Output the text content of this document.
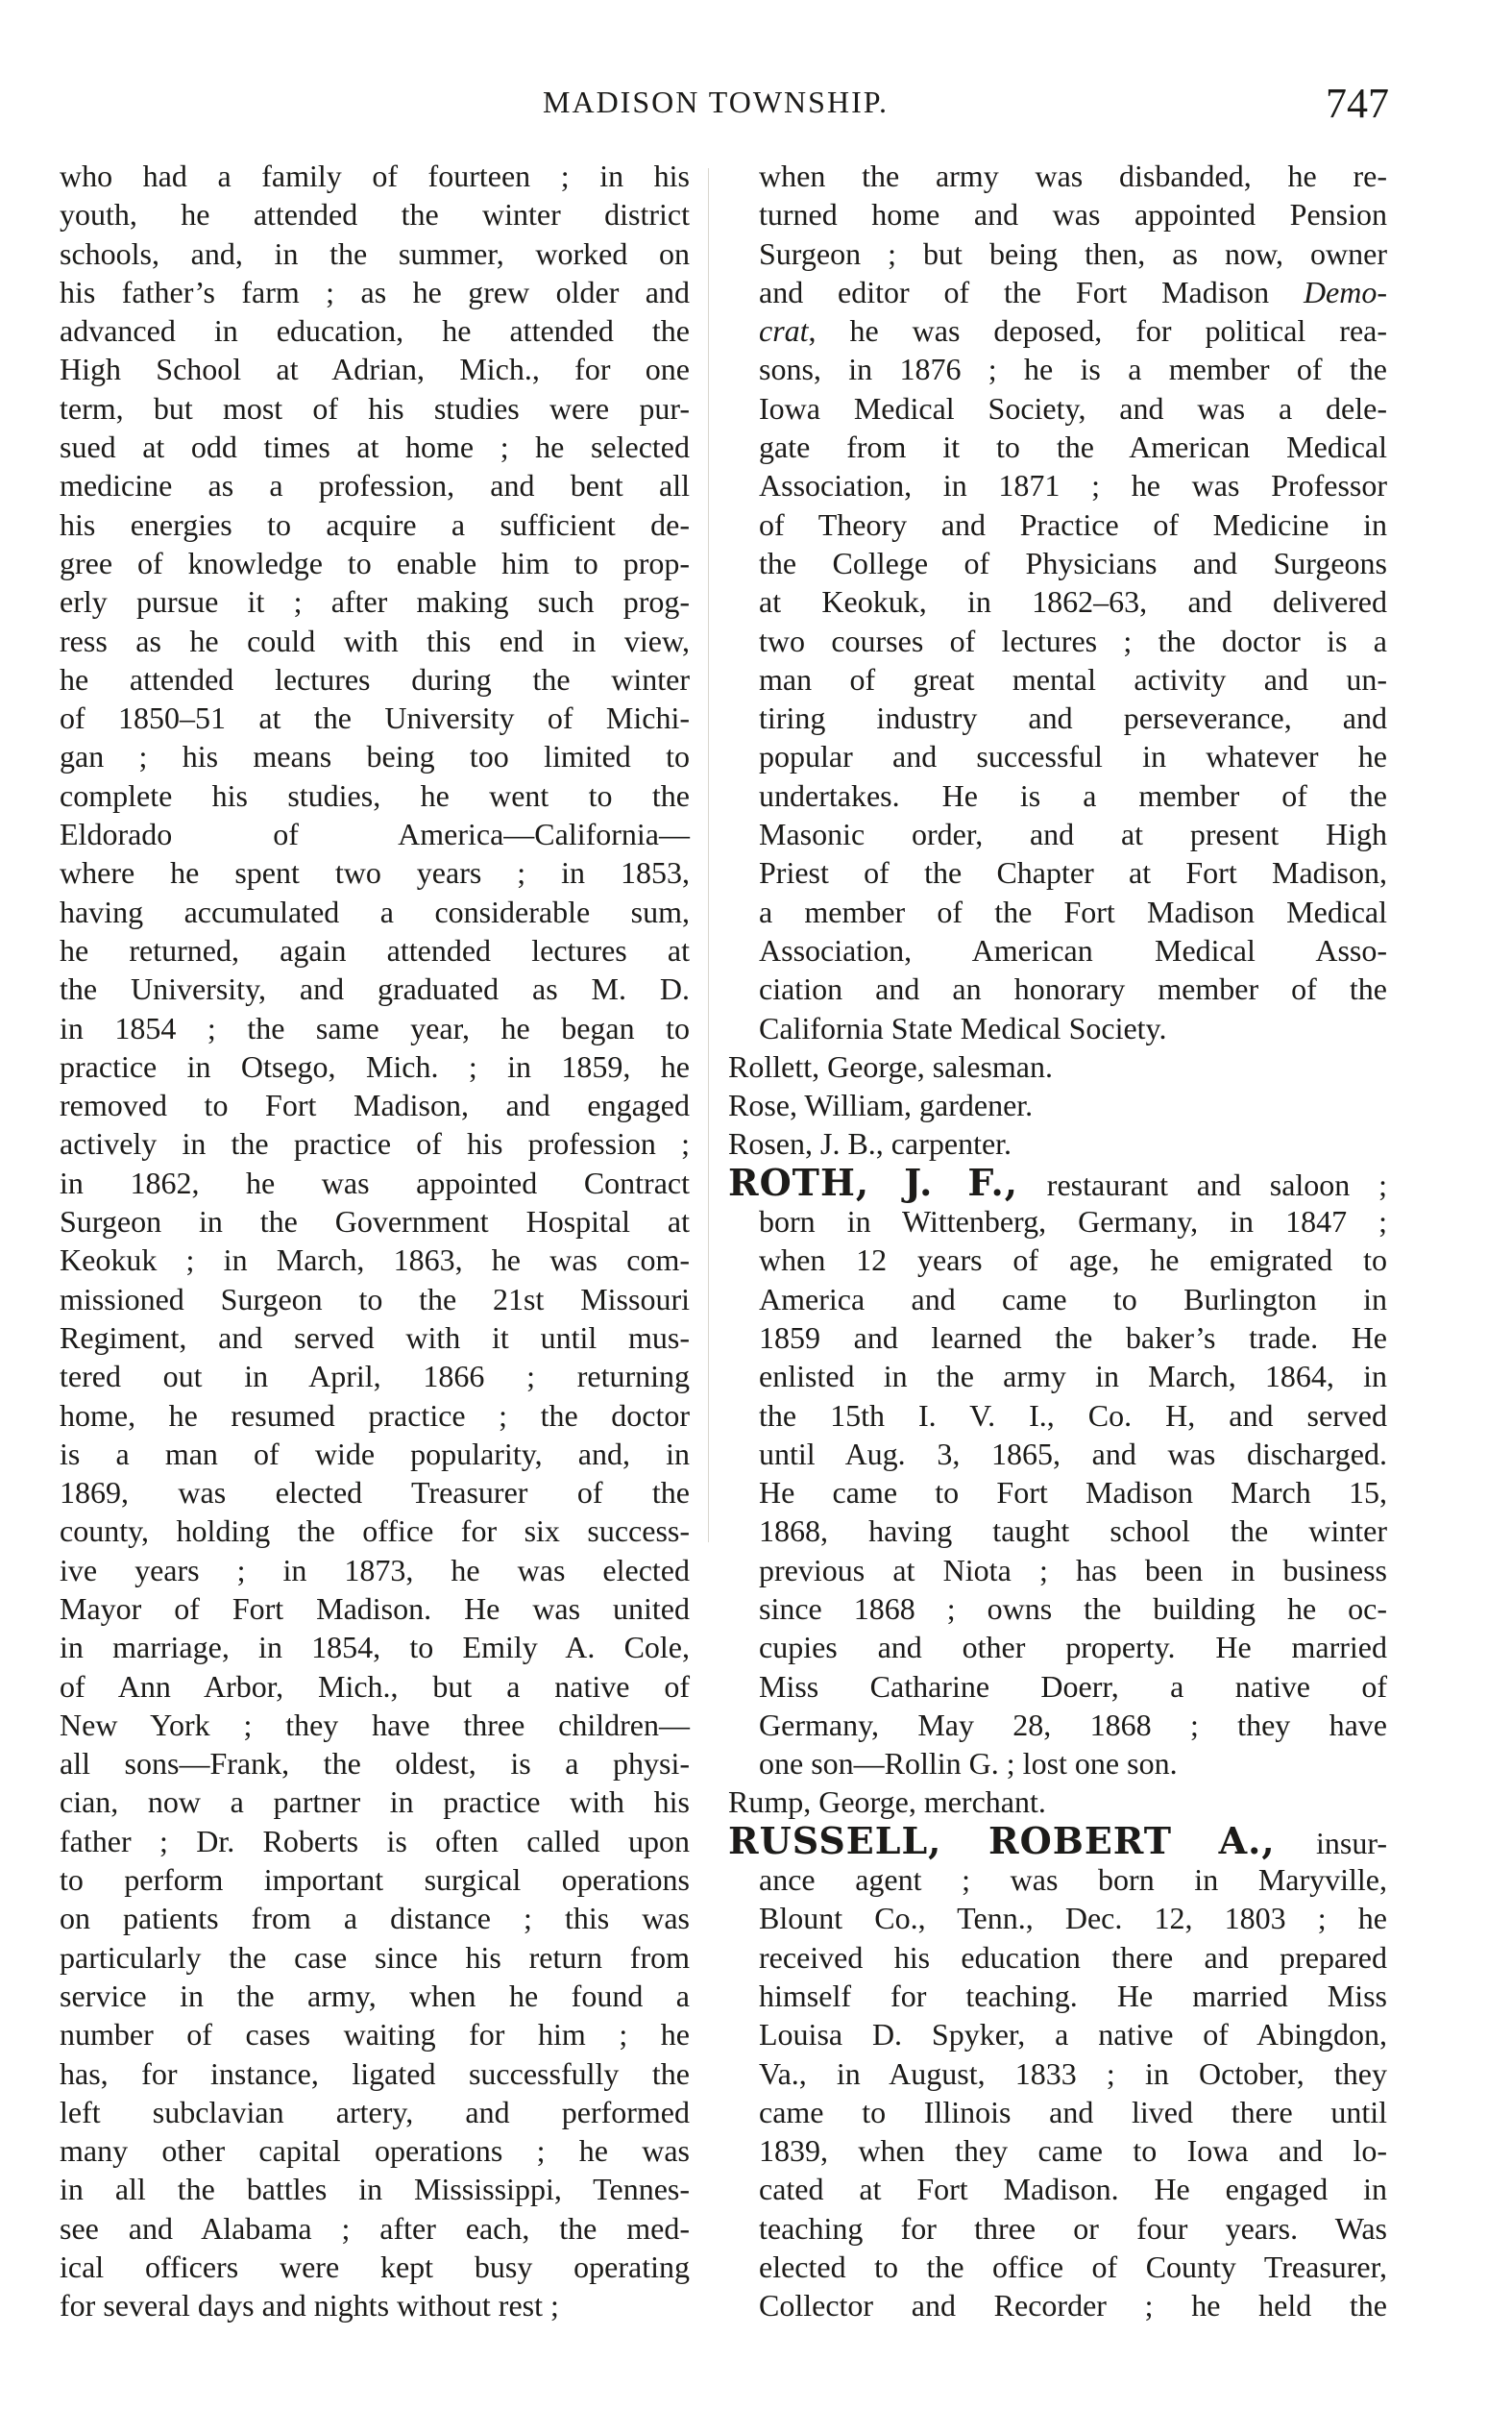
MADISON TOWNSHIP.	747
who had a family of fourteen ; in his
youth, he attended the winter district
schools, and, in the summer, worked on
his father’s farm ; as he grew older and
advanced in education, he attended the
High School at Adrian, Mich., for one
term, but most of his studies were pur-
sued at odd times at home ; he selected
medicine as a profession, and bent all
his energies to acquire a sufficient de-
gree of knowledge to enable him to prop-
erly pursue it ; after making such prog-
ress as he could with this end in view,
he attended lectures during the winter
of 1850–51 at the University of Michi-
gan ; his means being too limited to
complete his studies, he went to the
Eldorado of America—California—
where he spent two years ; in 1853,
having accumulated a considerable sum,
he returned, again attended lectures at
the University, and graduated as M. D.
in 1854 ; the same year, he began to
practice in Otsego, Mich. ; in 1859, he
removed to Fort Madison, and engaged
actively in the practice of his profession ;
in 1862, he was appointed Contract
Surgeon in the Government Hospital at
Keokuk ; in March, 1863, he was com-
missioned Surgeon to the 21st Missouri
Regiment, and served with it until mus-
tered out in April, 1866 ; returning
home, he resumed practice ; the doctor
is a man of wide popularity, and, in
1869, was elected Treasurer of the
county, holding the office for six success-
ive years ; in 1873, he was elected
Mayor of Fort Madison. He was united
in marriage, in 1854, to Emily A. Cole,
of Ann Arbor, Mich., but a native of
New York ; they have three children—
all sons—Frank, the oldest, is a physi-
cian, now a partner in practice with his
father ; Dr. Roberts is often called upon
to perform important surgical operations
on patients from a distance ; this was
particularly the case since his return from
service in the army, when he found a
number of cases waiting for him ; he
has, for instance, ligated successfully the
left subclavian artery, and performed
many other capital operations ; he was
in all the battles in Mississippi, Tennes-
see and Alabama ; after each, the med-
ical officers were kept busy operating
for several days and nights without rest ;
when the army was disbanded, he re-
turned home and was appointed Pension
Surgeon ; but being then, as now, owner
and editor of the Fort Madison Demo-
crat, he was deposed, for political rea-
sons, in 1876 ; he is a member of the
Iowa Medical Society, and was a dele-
gate from it to the American Medical
Association, in 1871 ; he was Professor
of Theory and Practice of Medicine in
the College of Physicians and Surgeons
at Keokuk, in 1862–63, and delivered
two courses of lectures ; the doctor is a
man of great mental activity and un-
tiring industry and perseverance, and
popular and successful in whatever he
undertakes. He is a member of the
Masonic order, and at present High
Priest of the Chapter at Fort Madison,
a member of the Fort Madison Medical
Association, American Medical Asso-
ciation and an honorary member of the
California State Medical Society.
Rollett, George, salesman.
Rose, William, gardener.
Rosen, J. B., carpenter.
ROTH, J. F., restaurant and saloon ;
born in Wittenberg, Germany, in 1847 ;
when 12 years of age, he emigrated to
America and came to Burlington in
1859 and learned the baker’s trade. He
enlisted in the army in March, 1864, in
the 15th I. V. I., Co. H, and served
until Aug. 3, 1865, and was discharged.
He came to Fort Madison March 15,
1868, having taught school the winter
previous at Niota ; has been in business
since 1868 ; owns the building he oc-
cupies and other property. He married
Miss Catharine Doerr, a native of
Germany, May 28, 1868 ; they have
one son—Rollin G. ; lost one son.
Rump, George, merchant.
RUSSELL, ROBERT A., insur-
ance agent ; was born in Maryville,
Blount Co., Tenn., Dec. 12, 1803 ; he
received his education there and prepared
himself for teaching. He married Miss
Louisa D. Spyker, a native of Abingdon,
Va., in August, 1833 ; in October, they
came to Illinois and lived there until
1839, when they came to Iowa and lo-
cated at Fort Madison. He engaged in
teaching for three or four years. Was
elected to the office of County Treasurer,
Collector and Recorder ; he held the
